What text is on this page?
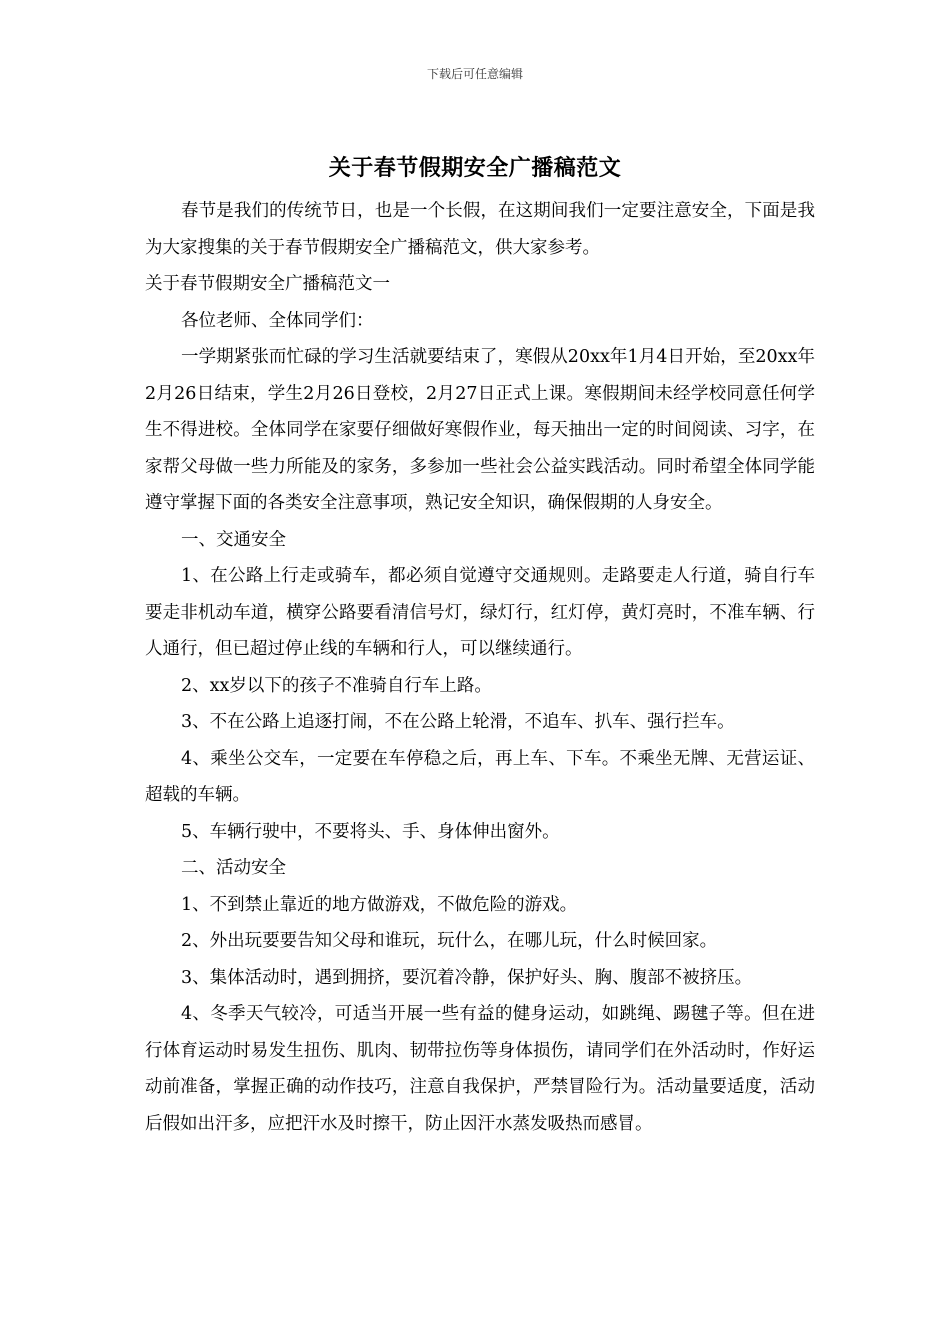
下载后可任意编辑
关于春节假期安全广播稿范文

春节是我们的传统节日，也是一个长假，在这期间我们一定要注意安全，下面是我为大家搜集的关于春节假期安全广播稿范文，供大家参考。

关于春节假期安全广播稿范文一

各位老师、全体同学们：

一学期紧张而忙碌的学习生活就要结束了，寒假从20xx年1月4日开始，至20xx年2月26日结束，学生2月26日登校，2月27日正式上课。寒假期间未经学校同意任何学生不得进校。全体同学在家要仔细做好寒假作业，每天抽出一定的时间阅读、习字，在家帮父母做一些力所能及的家务，多参加一些社会公益实践活动。同时希望全体同学能遵守掌握下面的各类安全注意事项，熟记安全知识，确保假期的人身安全。

一、交通安全

1、在公路上行走或骑车，都必须自觉遵守交通规则。走路要走人行道，骑自行车要走非机动车道，横穿公路要看清信号灯，绿灯行，红灯停，黄灯亮时，不准车辆、行人通行，但已超过停止线的车辆和行人，可以继续通行。

2、xx岁以下的孩子不准骑自行车上路。

3、不在公路上追逐打闹，不在公路上轮滑，不追车、扒车、强行拦车。

4、乘坐公交车，一定要在车停稳之后，再上车、下车。不乘坐无牌、无营运证、超载的车辆。

5、车辆行驶中，不要将头、手、身体伸出窗外。

二、活动安全

1、不到禁止靠近的地方做游戏，不做危险的游戏。

2、外出玩要要告知父母和谁玩，玩什么，在哪儿玩，什么时候回家。

3、集体活动时，遇到拥挤，要沉着冷静，保护好头、胸、腹部不被挤压。

4、冬季天气较冷，可适当开展一些有益的健身运动，如跳绳、踢毽子等。但在进行体育运动时易发生扭伤、肌肉、韧带拉伤等身体损伤，请同学们在外活动时，作好运动前准备，掌握正确的动作技巧，注意自我保护，严禁冒险行为。活动量要适度，活动后假如出汗多，应把汗水及时擦干，防止因汗水蒸发吸热而感冒。
